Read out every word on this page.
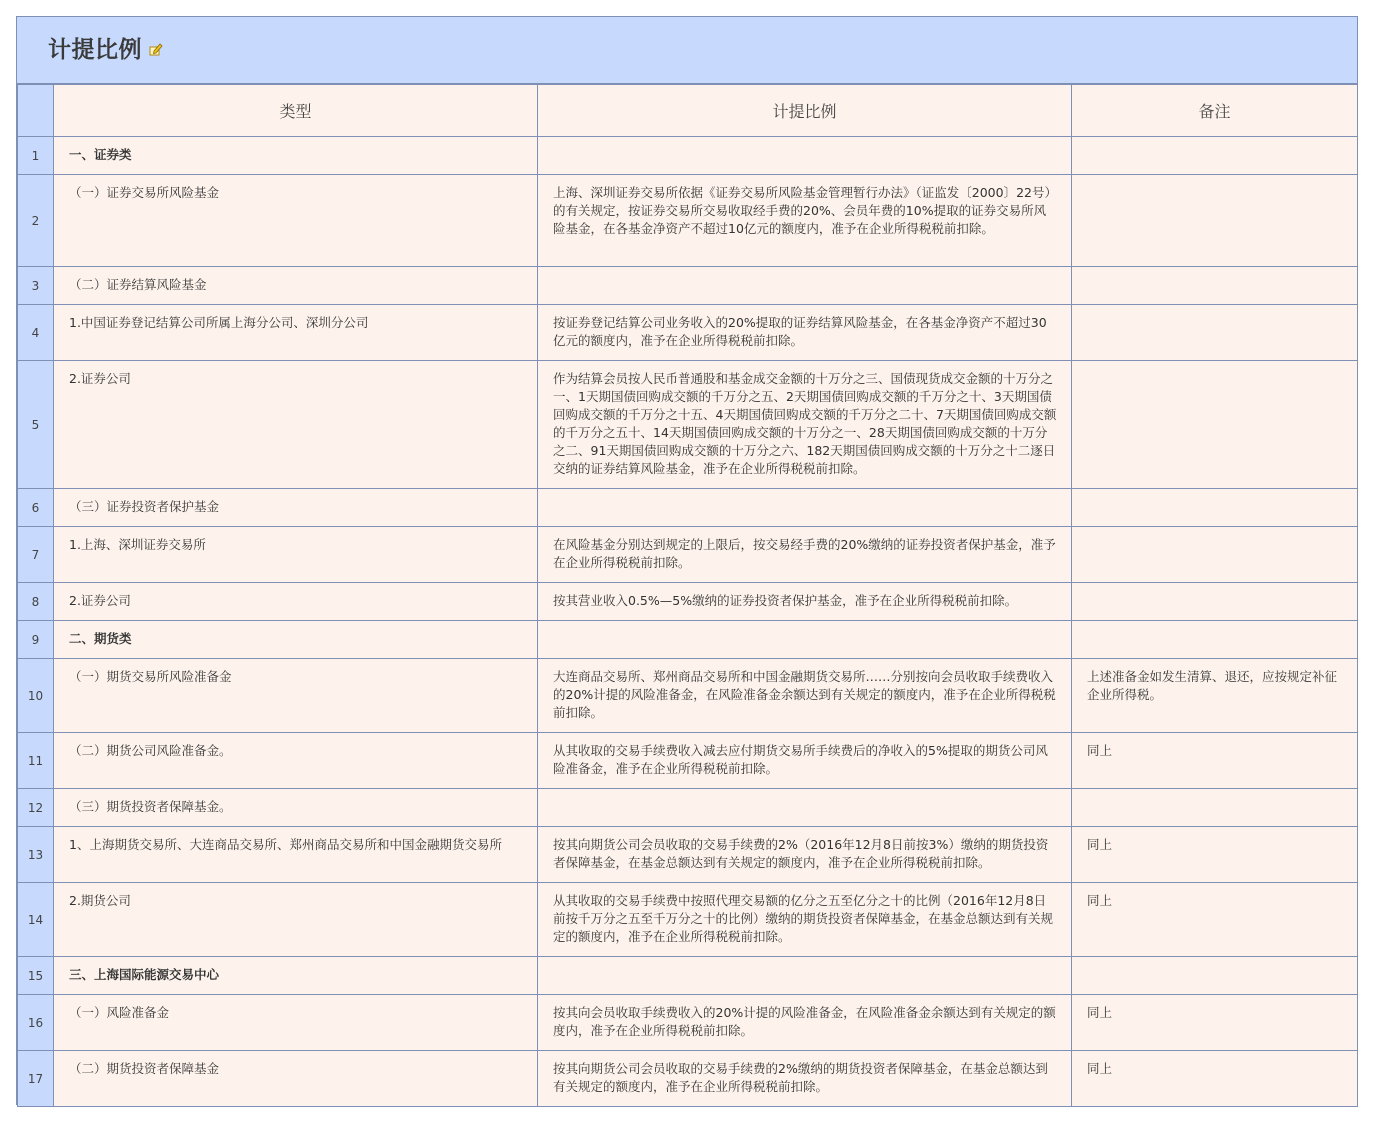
计提比例
	类型	计提比例	备注
1	一、证券类		
2	（一）证券交易所风险基金	上海、深圳证券交易所依据《证券交易所风险基金管理暂行办法》（证监发〔2000〕22号）的有关规定，按证券交易所交易收取经手费的20%、会员年费的10%提取的证券交易所风险基金，在各基金净资产不超过10亿元的额度内，准予在企业所得税税前扣除。	
3	（二）证券结算风险基金		
4	1.中国证券登记结算公司所属上海分公司、深圳分公司	按证券登记结算公司业务收入的20%提取的证券结算风险基金，在各基金净资产不超过30亿元的额度内，准予在企业所得税税前扣除。	
5	2.证券公司	作为结算会员按人民币普通股和基金成交金额的十万分之三、国债现货成交金额的十万分之一、1天期国债回购成交额的千万分之五、2天期国债回购成交额的千万分之十、3天期国债回购成交额的千万分之十五、4天期国债回购成交额的千万分之二十、7天期国债回购成交额的千万分之五十、14天期国债回购成交额的十万分之一、28天期国债回购成交额的十万分之二、91天期国债回购成交额的十万分之六、182天期国债回购成交额的十万分之十二逐日交纳的证券结算风险基金，准予在企业所得税税前扣除。	
6	（三）证券投资者保护基金		
7	1.上海、深圳证券交易所	在风险基金分别达到规定的上限后，按交易经手费的20%缴纳的证券投资者保护基金，准予在企业所得税税前扣除。	
8	2.证券公司	按其营业收入0.5%—5%缴纳的证券投资者保护基金，准予在企业所得税税前扣除。	
9	二、期货类		
10	（一）期货交易所风险准备金	大连商品交易所、郑州商品交易所和中国金融期货交易所……分别按向会员收取手续费收入的20%计提的风险准备金，在风险准备金余额达到有关规定的额度内，准予在企业所得税税前扣除。	上述准备金如发生清算、退还，应按规定补征企业所得税。
11	（二）期货公司风险准备金。	从其收取的交易手续费收入减去应付期货交易所手续费后的净收入的5%提取的期货公司风险准备金，准予在企业所得税税前扣除。	同上
12	（三）期货投资者保障基金。		
13	1、上海期货交易所、大连商品交易所、郑州商品交易所和中国金融期货交易所	按其向期货公司会员收取的交易手续费的2%（2016年12月8日前按3%）缴纳的期货投资者保障基金，在基金总额达到有关规定的额度内，准予在企业所得税税前扣除。	同上
14	2.期货公司	从其收取的交易手续费中按照代理交易额的亿分之五至亿分之十的比例（2016年12月8日前按千万分之五至千万分之十的比例）缴纳的期货投资者保障基金，在基金总额达到有关规定的额度内，准予在企业所得税税前扣除。	同上
15	三、上海国际能源交易中心		
16	（一）风险准备金	按其向会员收取手续费收入的20%计提的风险准备金，在风险准备金余额达到有关规定的额度内，准予在企业所得税税前扣除。	同上
17	（二）期货投资者保障基金	按其向期货公司会员收取的交易手续费的2%缴纳的期货投资者保障基金，在基金总额达到有关规定的额度内，准予在企业所得税税前扣除。	同上
